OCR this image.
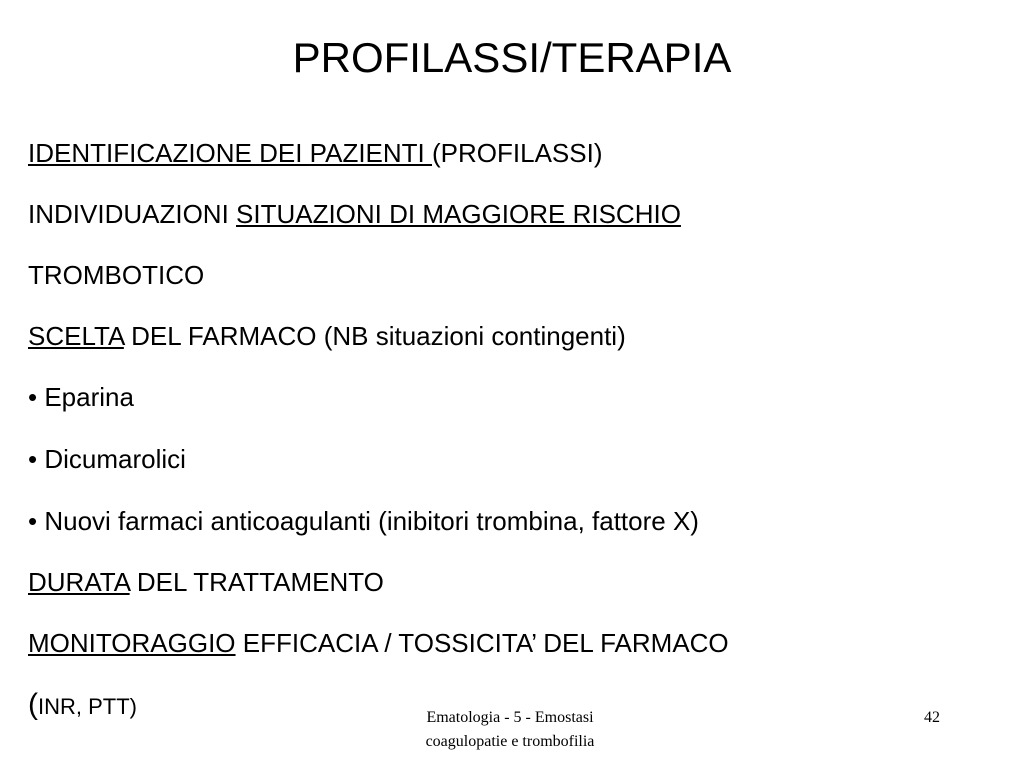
PROFILASSI/TERAPIA
IDENTIFICAZIONE DEI PAZIENTI (PROFILASSI)
INDIVIDUAZIONI SITUAZIONI DI MAGGIORE RISCHIO
TROMBOTICO
SCELTA DEL FARMACO (NB situazioni contingenti)
• Eparina
• Dicumarolici
• Nuovi farmaci anticoagulanti (inibitori trombina, fattore X)
DURATA DEL TRATTAMENTO
MONITORAGGIO EFFICACIA / TOSSICITA’ DEL FARMACO
(INR, PTT)	Ematologia - 5 - Emostasi
coagulopatie e trombofilia
42
